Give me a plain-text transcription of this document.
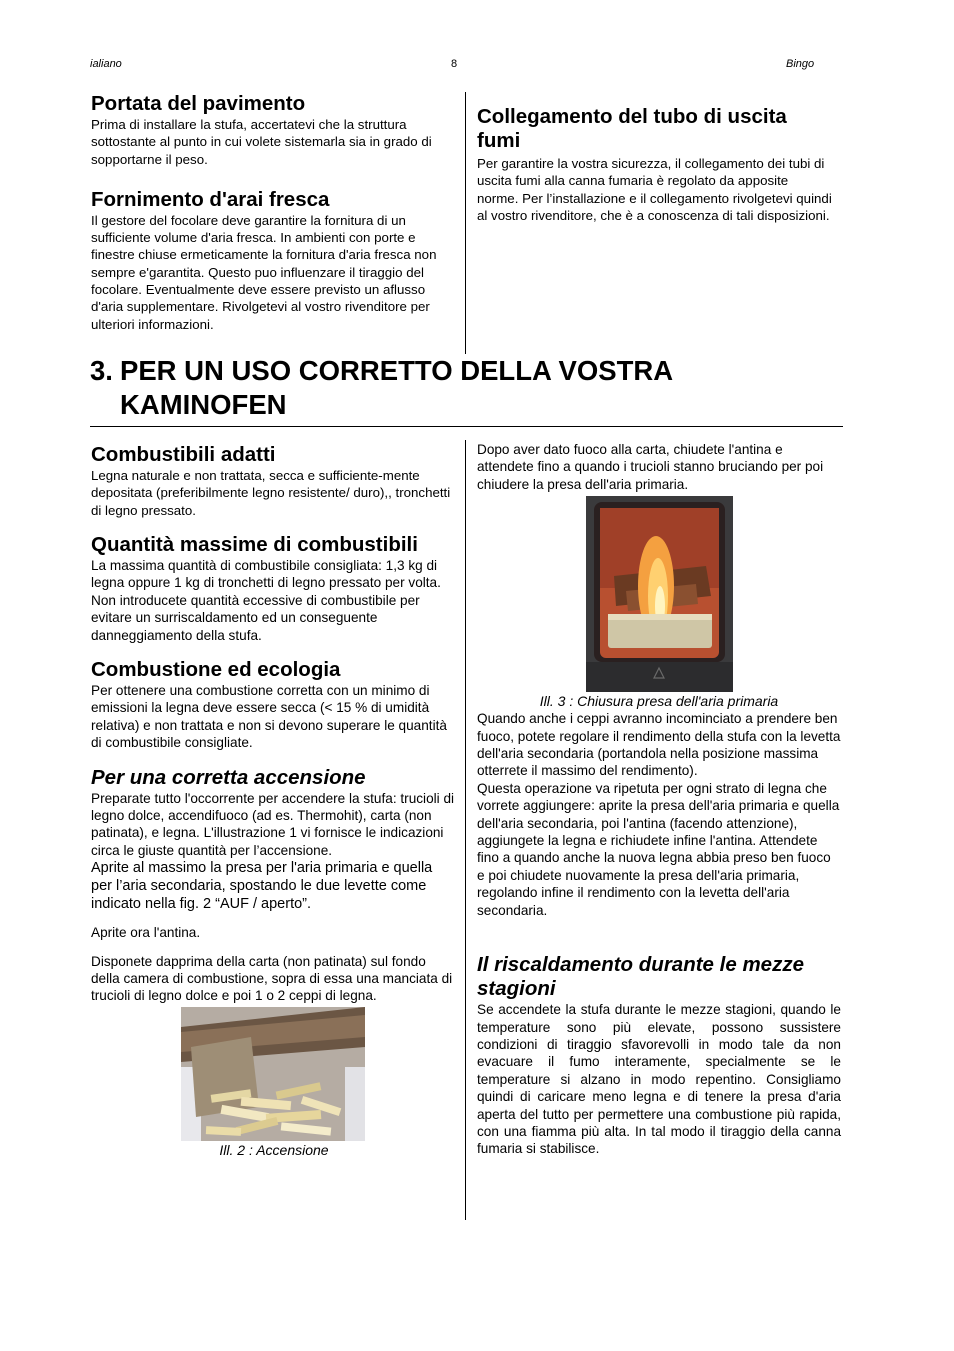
ialiano	8	Bingo
Portata del pavimento

Prima di installare la stufa, accertatevi che la struttura sottostante al punto in cui volete sistemarla sia in grado di sopportarne il peso.

Fornimento d'arai fresca

Il gestore del focolare deve garantire la fornitura di un sufficiente volume d'aria fresca. In ambienti con porte e finestre chiuse ermeticamente la fornitura d'aria fresca non sempre e'garantita. Questo puo influenzare il tiraggio del focolare. Eventualmente deve essere previsto un aflusso d'aria supplementare. Rivolgetevi al vostro rivenditore per ulteriori informazioni.

Collegamento del tubo di uscita fumi

Per garantire la vostra sicurezza, il collegamento dei tubi di uscita fumi alla canna fumaria è regolato da apposite norme. Per l’installazione e il collegamento rivolgetevi quindi al vostro rivenditore, che è a conoscenza di tali disposizioni.

3. PER UN USO CORRETTO DELLA VOSTRA
KAMINOFEN
Combustibili adatti

Legna naturale e non trattata, secca e sufficiente-mente depositata (preferibilmente legno resistente/ duro),, tronchetti di legno pressato.

Quantità massime di combustibili

La massima quantità di combustibile consigliata: 1,3 kg di legna oppure 1 kg di tronchetti di legno pressato per volta. Non introducete quantità eccessive di combustibile per evitare un surriscaldamento ed un conseguente danneggiamento della stufa.

Combustione ed ecologia

Per ottenere una combustione corretta con un minimo di emissioni la legna deve essere secca (< 15 % di umidità relativa) e non trattata e non si devono superare le quantità di combustibile consigliate.

Per una corretta accensione

Preparate tutto l'occorrente per accendere la stufa: trucioli di legno dolce, accendifuoco (ad es. Thermohit), carta (non patinata), e legna. L'illustrazione 1 vi fornisce le indicazioni circa le giuste quantità per l’accensione.

Aprite al massimo la presa per l'aria primaria e quella per l’aria secondaria, spostando le due levette come indicato nella fig. 2 “AUF / aperto”.

Aprite ora l'antina.

Disponete dapprima della carta (non patinata) sul fondo della camera di combustione, sopra di essa una manciata di trucioli di legno dolce e poi 1 o 2 ceppi di legna.

Ill. 2 : Accensione

Dopo aver dato fuoco alla carta, chiudete l'antina e attendete fino a quando i trucioli stanno bruciando per poi chiudere la presa dell'aria primaria.

Ill. 3 : Chiusura presa dell'aria primaria

Quando anche i ceppi avranno incominciato a prendere ben fuoco, potete regolare il rendimento della stufa con la levetta dell'aria secondaria (portandola nella posizione massima otterrete il massimo del rendimento).

Questa operazione va ripetuta per ogni strato di legna che vorrete aggiungere: aprite la presa dell'aria primaria e quella dell'aria secondaria, poi l'antina (facendo attenzione), aggiungete la legna e richiudete infine l'antina. Attendete fino a quando anche la nuova legna abbia preso ben fuoco e poi chiudete nuovamente la presa dell'aria primaria, regolando infine il rendimento con la levetta dell'aria secondaria.

Il riscaldamento durante le mezze stagioni

Se accendete la stufa durante le mezze stagioni, quando le temperature sono più elevate, possono sussistere condizioni di tiraggio sfavorevolli in modo tale da non evacuare il fumo interamente, specialmente se le temperature si alzano in modo repentino. Consigliamo quindi di caricare meno legna e di tenere la presa d'aria aperta del tutto per permettere una combustione più rapida, con una fiamma più alta. In tal modo il tiraggio della canna fumaria si stabilisce.
